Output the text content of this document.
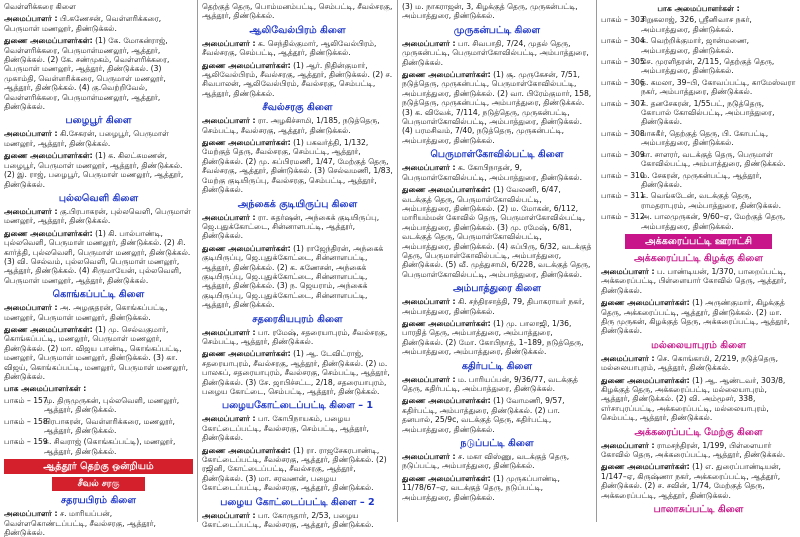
வெள்ளிக்கரை கிளை
அமைப்பாளர் : பி.கணேசன், வெள்ளரிக்கரை, பெருமாள் மணலூர், திண்டுக்கல்.
துணை அமைப்பாளர்கள்: (1) கே. மோகன்ராஜ், வெள்ளரிக்கரை, பெருமாள்மணலூர், ஆத்தூர், திண்டுக்கல். (2) கே. சண்முகம், வெள்ளரிக்கரை, பெருமாள் மணலூர், ஆத்தூர், திண்டுக்கல். (3) முகாம்தி, வெள்ளரிக்கரை, பெருமாள் மணலூர், ஆத்தூர், திண்டுக்கல். (4) கு.வெற்றிவேல், வெள்ளரிக்கரை, பெருமாள்மணலூர், ஆத்தூர், திண்டுக்கல்.
பழைபூர் கிளை
அமைப்பாளர் : கி.சேகரன், பழைபூர், பெருமாள் மணலூர், ஆத்தூர், திண்டுக்கல்.
துணை அமைப்பாளர்கள்: (1) க. கிலட்சுமணன், பழைபூர், பெருமாள் மணலூர், ஆத்தூர், திண்டுக்கல். (2) இ. ராஜ், பழைபூர், பெருமாள் மணலூர், ஆத்தூர், திண்டுக்கல்.
புல்லவெளி கிளை
அமைப்பாளர் : கு.பிரபாகரன், புல்லவெளி, பெருமாள் மணலூர், ஆத்தூர், திண்டுக்கல்.
துணை அமைப்பாளர்கள்: (1) கி. பால்பாண்டி, புல்லவெளி, பெருமாள் மணலூர், திண்டுக்கல். (2) சி. கார்த்தி, புல்லவெளி, பெருமாள் மணலூர், திண்டுக்கல். (3) வி. செல்வம், புல்லவெளி, பெருமாள் மணலூர், ஆத்தூர், திண்டுக்கல். (4) சிருமாயேன், புல்லவெளி, பெருமாள் மணலூர், ஆத்தூர், திண்டுக்கல்.
கொங்கப்பட்டி கிளை
அமைப்பாளர் : அ. அழகுதரன், கொங்கப்பட்டி, மணலூர், பெருமாள் மணலூர், திண்டுக்கல்.
துணை அமைப்பாளர்கள்: (1) மு. செல்வகுமார், கொங்கப்பட்டி, மணலூர், பெருமாள் மணலூர், திண்டுக்கல். (2) மா. விஜய பாண்டி, கொங்கப்பட்டி, மணலூர், பெருமாள் மணலூர், திண்டுக்கல். (3) கா. விஜய், கொங்கப்பட்டி, மணலூர், பெருமாள் மணலூர், திண்டுக்கல்.
பாக அமைப்பாளர்கள் :
பாகம் – 157
மு. திருமுருகன், புல்லவெளி, மணலூர், ஆத்தூர், திண்டுக்கல்.
பாகம் – 158
பிரபாகரன், வெள்ளரிக்கரை, மணலூர், ஆத்தூர், திண்டுக்கல்.
பாகம் – 159
சு. சிவராஜ் (கொங்கப்பட்டி), மணலூர், ஆத்தூர், திண்டுக்கல்.
ஆத்தூர் தெற்கு ஒன்றியம்
சீவல் சரகு
சதரயபிரம் கிளை
அமைப்பாளர் : ச. மாரியப்பன், வெள்ளகொண்டப்பட்டி, சீவல்சரகு, ஆத்தூர், திண்டுக்கல்.
தெற்குத் தெரு, பொம்மனம்பட்டி, செம்பட்டி, சீவல்சரகு, ஆத்தூர், திண்டுக்கல்.
ஆலிவேல்பிரம் கிளை
அமைப்பாளர் : க. செந்தில்குமார், ஆலிவேல்பிரம், சீவல்சரகு, செம்பட்டி, ஆத்தூர், திண்டுக்கல்.
துணை அமைப்பாளர்கள்: (1) ஆர். நிதின்குமார், ஆலிவேல்பிரம், சீவல்சரகு, ஆத்தூர், திண்டுக்கல். (2) ச. சிவபாலன், ஆலிவேல்பிரம், சீவல்சரகு, செம்பட்டி, ஆத்தூர், திண்டுக்கல்.
சீவல்சரகு கிளை
அமைப்பாளர் : ரா. அழகிச்சாமி, 1/185, நடுத்தெரு, செம்பட்டி, சீவல்சரகு, ஆத்தூர், திண்டுக்கல்.
துணை அமைப்பாளர்கள்: (1) பகவர்த்தி, 1/132, மேற்குத் தெரு, சீவல்சரகு, செம்பட்டி, ஆத்தூர், திண்டுக்கல். (2) மு. சுப்பிரமணி, 1/47, மேற்குத் தெரு, சீவல்சரகு, ஆத்தூர், திண்டுக்கல். (3) செல்வமணி, 1/83, மேற்கு குடியிருப்பு, சீவல்சரகு, செம்பட்டி, ஆத்தூர், திண்டுக்கல்.
அந்கைக் குடியிருப்பு கிளை
அமைப்பாளர் : ரா. சுதர்ஷன், அந்கைக் குடியிருப்பு, ஜெ.புதுக்கோட்டை, சின்னாளபட்டி, ஆத்தூர், திண்டுக்கல்.
துணை அமைப்பாளர்கள்: (1) ராஜேந்திரன், அந்கைக் குடியிருப்பு, ஜெ.புதுக்கோட்டை, சின்னாளபட்டி, ஆத்தூர், திண்டுக்கல். (2) க. கணேசன், அந்கைக் குடியிருப்பு, ஜெ.புதுக்கோட்டை, சின்னாளபட்டி, ஆத்தூர், திண்டுக்கல். (3) ந. ஜெயராம், அந்கைக் குடியிருப்பு, ஜெ.புதுக்கோட்டை, சின்னாளபட்டி, ஆத்தூர், திண்டுக்கல்.
சதரைகியபுரம் கிளை
அமைப்பாளர் : பா. ரமேஷ், சதரையாபுரம், சீவல்சரகு, செம்பட்டி, ஆத்தூர், திண்டுக்கல்.
துணை அமைப்பாளர்கள்: (1) ஆ. டேவிட்ராஜ், சதரையாபுரம், சீவல்சரகு, ஆத்தூர், திண்டுக்கல். (2) ம. பாலசுப், சதரையாபுரம், சீவல்சரகு, செம்பட்டி, ஆத்தூர், திண்டுக்கல். (3) சே. ஜாபிச்சட்ட, 2/18, சதரையாபுரம், பழைய கோட்டை, செம்பட்டி, ஆத்தூர், திண்டுக்கல்.
பழையகோட்டைப்பட்டி கிளை – 1
அமைப்பாளர் : பா. கோபிநாயகம், பழைய கோட்டைப்பட்டி, சீவல்சரகு, செம்பட்டி, ஆத்தூர், திண்டுக்கல்.
துணை அமைப்பாளர்கள்: (1) ரா. ராஜசேகரபாண்டி, கோட்டைப்பட்டி, சீவல்சரகு, ஆத்தூர், திண்டுக்கல். (2) ரஜினி, கோட்டைப்பட்டி, சீவல்சரகு, ஆத்தூர், திண்டுக்கல். (3) மா. சரவணன், பழைய கோட்டைப்பட்டி, சீவல்சரகு, ஆத்தூர், திண்டுக்கல்.
பழைய கோட்டைப்பட்டி கிளை – 2
அமைப்பாளர் : பா. கோருதார், 2/53, பழைய கோட்டைப்பட்டி, சீவல்சரகு, ஆத்தூர், திண்டுக்கல்.
(3) ம. நாகராஜன், 3, கிழக்குத் தெரு, முருகன்பட்டி, அம்பாத்துரை, திண்டுக்கல்.
முருகன்பட்டி கிளை
அமைப்பாளர் : பா. சிவபாதி, 7/24, முதல் தெரு, முருகன்பட்டி, பெருமாள்கோவில்பட்டி, அம்பாத்துரை, திண்டுக்கல்.
துணை அமைப்பாளர்கள்: (1) சூ. முருகேசன், 7/51, நடுத்தெரு, முருகன்பட்டி, பெருமாள்கோவில்பட்டி, அம்பாத்துரை, திண்டுக்கல். (2) வா. பிரேம்குமார், 158, நடுத்தெரு, முருகன்பட்டி, அம்பாத்துரை, திண்டுக்கல். (3) க. விவேக், 7/114, நடுத்தெரு, முருகன்பட்டி, பெருமாள்கோவில்பட்டி, அம்பாத்துரை, திண்டுக்கல். (4) பரமசிவம், 7/40, நடுத்தெரு, முருகன்பட்டி, அம்பாத்துரை, திண்டுக்கல்.
பெருமாள்கோவில்பட்டி கிளை
அமைப்பாளர் : க. கோபிநாதன், 9, பெருமாள்கோவில்பட்டி, அம்பாத்துரை, திண்டுக்கல்.
துணை அமைப்பாளர்கள்: (1) வேலணி, 6/47, வடக்குத் தெரு, பெருமாள்கோவில்பட்டி, அம்பாத்துரை, திண்டுக்கல். (2) ம. மோகன், 6/112, மாரியம்மன் கோவில் தெரு, பெருமாள்கோவில்பட்டி, அம்பாத்துரை, திண்டுக்கல். (3) மு. ரமேஷ், 6/81, வடக்குத் தெரு, பெருமாள்கோவில்பட்டி, அம்பாத்துரை, திண்டுக்கல். (4) சுப்பிரு, 6/32, வடக்குத் தெரு, பெருமாள்கோவில்பட்டி, அம்பாத்துரை, திண்டுக்கல். (5) வீ. முத்துசாமி, 6/228, வடக்குத் தெரு, பெருமாள்கோவில்பட்டி, அம்பாத்துரை, திண்டுக்கல்.
அம்பாத்துரை கிளை
அமைப்பாளர் : கி. சந்திரசாத்தி, 79, திபாகராயர் நகர், அம்பாத்துரை, திண்டுக்கல்.
துணை அமைப்பாளர்கள்: (1) மு. பாலாஜி, 1/36, பாரதித் தெரு, அம்பாத்துரை, அம்பாத்துரை, திண்டுக்கல். (2) மோ. கோபிநாத், 1–189, நடுத்தெரு, அம்பாத்துரை, அம்பாத்துரை, திண்டுக்கல்.
கதிர்பட்டி கிளை
அமைப்பாளர் : ம. பாரியப்பன், 9/36/77, வடக்குத் தெரு, கதிர்பட்டி, அம்பாத்துரை, திண்டுக்கல்.
துணை அமைப்பாளர்கள்: (1) வோமணி, 9/57, கதிர்பட்டி, அம்பாத்துரை, திண்டுக்கல். (2) பா. தனபால், 25/9c, வடக்குத் தெரு, கதிர்பட்டி, அம்பாத்துரை, திண்டுக்கல்.
நடுப்பட்டி கிளை
அமைப்பாளர் : ச. மகா விஸ்ணு, வடக்குத் தெரு, நடுப்பட்டி, அம்பாத்துரை, திண்டுக்கல்.
துணை அமைப்பாளர்கள்: (1) முருகப்பாண்டி, 11/78/67–ஏ, வடக்குத் தெரு, நடுப்பட்டி, அம்பாத்துரை, திண்டுக்கல்.
பாக அமைப்பாளர்கள் :
பாகம் – 303
சிறுகலாஜ், 326, ஸ்ரீனிவாச நகர், அம்பாத்துரை, திண்டுக்கல்.
பாகம் – 304
க. வெற்றிக்குமார், ஜான்மணை, அம்பாத்துரை, திண்டுக்கல்.
பாகம் – 305
சே. முரளிதரன், 2/115, தெற்குத் தெரு, அம்பாத்துரை, திண்டுக்கல்.
பாகம் – 306
த. கமலா, 39–பி, கோவப்பட்டி, காமேஸ்வரா நகர், அம்பாத்துரை, திண்டுக்கல்.
பாகம் – 307
க. தனசேகரன், 1/55பட், நடுத்தெரு, கோபால் கோவில்பட்டி, அம்பாத்துரை, திண்டுக்கல்.
பாகம் – 308
பாசுகீர், தெற்குத் தெரு, பி. கோபட்டி, அம்பாத்துரை, திண்டுக்கல்.
பாகம் – 309
கா. சாளரர், வடக்குத் தெரு, பெருமாள் கோவில்பட்டி, அம்பாத்துரை, திண்டுக்கல்.
பாகம் – 310
ம. சேகரன், முருகன்பட்டி, ஆத்தூர், திண்டுக்கல்.
பாகம் – 311
க. வெங்கடேன், வடக்குத் தெரு, ராமதராபுரம், அம்பாத்துரை, திண்டுக்கல்.
பாகம் – 312
அ. பாலமுருகன், 9/60–ஏ, மேற்குத் தெரு, அம்பாத்துரை, திண்டுக்கல்.
அக்கரைப்பட்டி ஊராட்சி
அக்கரைப்பட்டி கிழக்கு கிளை
அமைப்பாளர் : ப. பாண்டியன், 1/370, பாறைப்பட்டி, அக்கரைப்பட்டி, பிள்ளையார் கோவில் தெரு, ஆத்தூர், திண்டுக்கல்.
துணை அமைப்பாளர்கள்: (1) அருண்குமார், கிழக்குத் தெரு, அக்கரைப்பட்டி, ஆத்தூர், திண்டுக்கல். (2) மா. திரு முருகன், கிழக்குத் தெரு, அக்கரைப்பட்டி, ஆத்தூர், திண்டுக்கல்.
மல்லையாபுரம் கிளை
அமைப்பாளர் : செ. கொங்காமி, 2/219, நடுத்தெரு, மல்லையாபுரம், ஆத்தூர், திண்டுக்கல்.
துணை அமைப்பாளர்கள்: (1) ஆ. ஆண்டவர், 303/8, கிழக்குத் தெரு, அக்கரைப்பட்டி, மல்லையாபுரம், ஆத்தூர், திண்டுக்கல். (2) வி. அம்மூசர், 338, எர்சாபுரப்பட்டி, அக்கரைப்பட்டி, மல்லையாபுரம், செம்பட்டி, ஆத்தூர், திண்டுக்கல்.
அக்கரைப்பட்டி மேற்கு கிளை
அமைப்பாளர் : ராமசந்திரன், 1/199, பிள்ளையார் கோவில் தெரு, அக்கரைப்பட்டி, ஆத்தூர், திண்டுக்கல்.
துணை அமைப்பாளர்கள்: (1) எ. துரைப்பாண்டியன், 1/147–ஏ, கிருஷ்ணா நகர், அக்கரைப்பட்டி, ஆத்தூர், திண்டுக்கல். (2) ச. சவின், 1/74, மேற்குத் தெரு, அக்கரைப்பட்டி, ஆத்தூர், திண்டுக்கல்.
பாலாசுப்பட்டி கிளை
